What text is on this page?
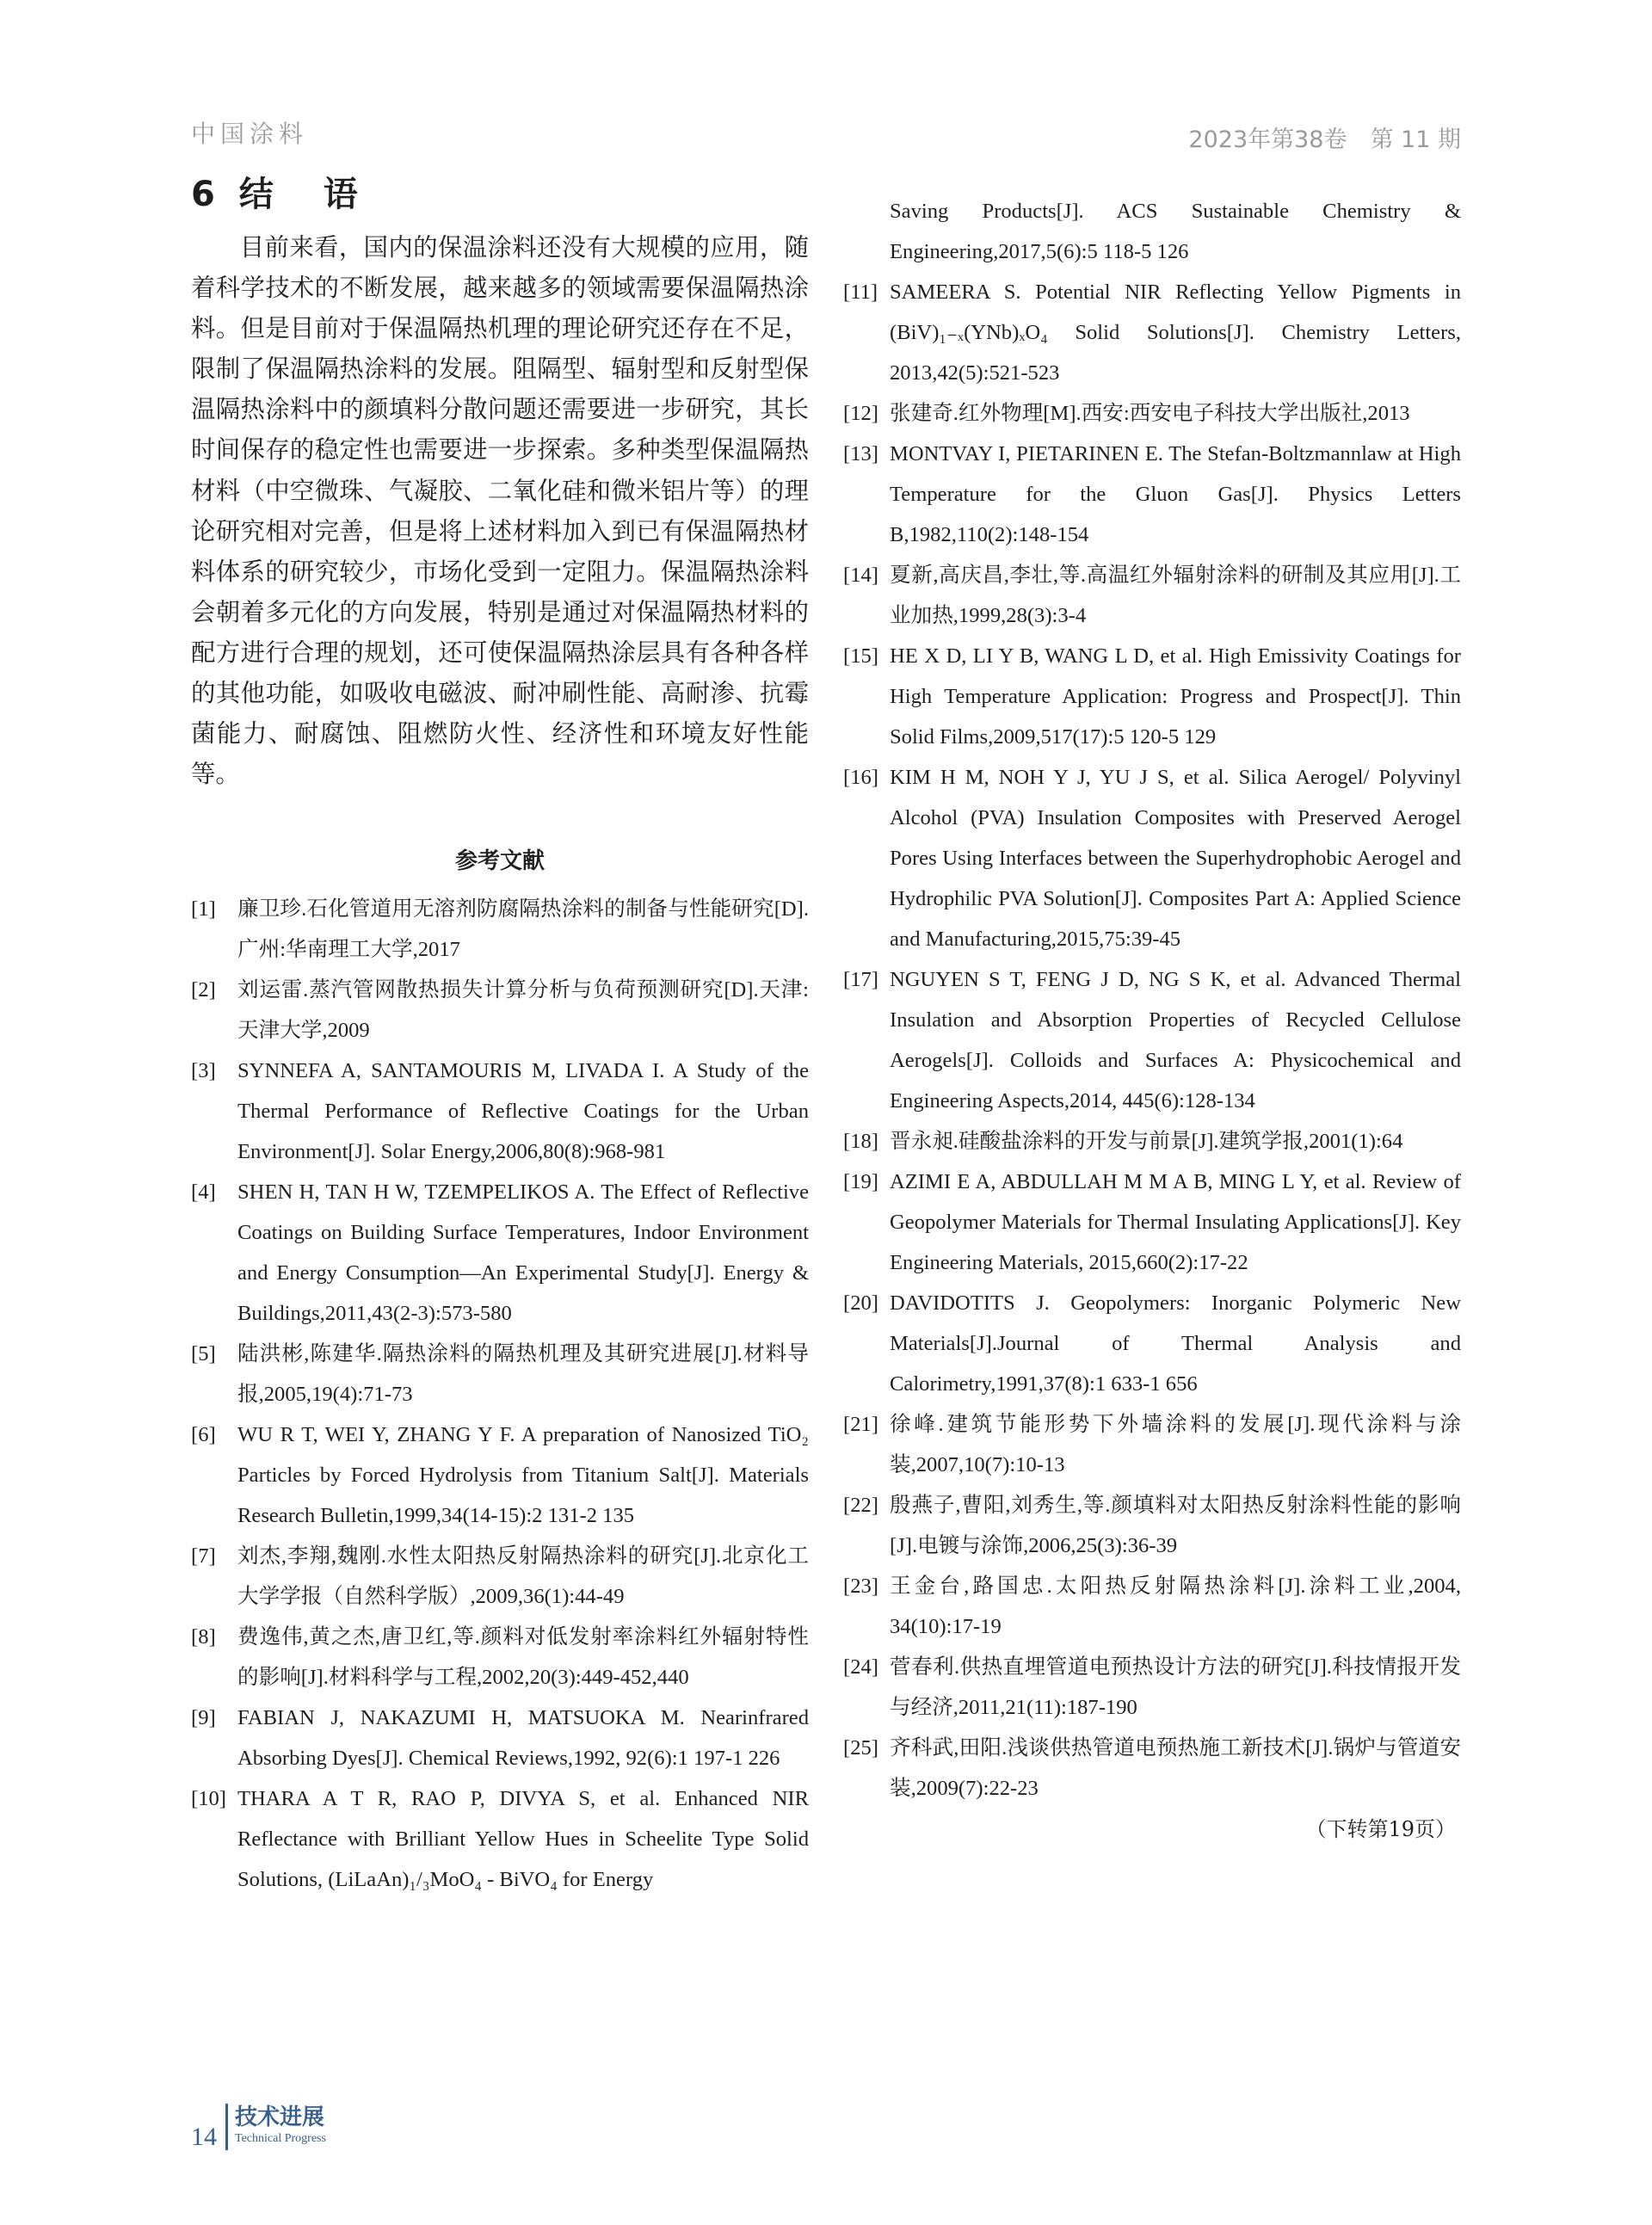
中国涂料	2023年第38卷　第 11 期
6 结 语

目前来看，国内的保温涂料还没有大规模的应用，随着科学技术的不断发展，越来越多的领域需要保温隔热涂料。但是目前对于保温隔热机理的理论研究还存在不足，限制了保温隔热涂料的发展。阻隔型、辐射型和反射型保温隔热涂料中的颜填料分散问题还需要进一步研究，其长时间保存的稳定性也需要进一步探索。多种类型保温隔热材料（中空微珠、气凝胶、二氧化硅和微米铝片等）的理论研究相对完善，但是将上述材料加入到已有保温隔热材料体系的研究较少，市场化受到一定阻力。保温隔热涂料会朝着多元化的方向发展，特别是通过对保温隔热材料的配方进行合理的规划，还可使保温隔热涂层具有各种各样的其他功能，如吸收电磁波、耐冲刷性能、高耐渗、抗霉菌能力、耐腐蚀、阻燃防火性、经济性和环境友好性能等。

参考文献
[1] 廉卫珍.石化管道用无溶剂防腐隔热涂料的制备与性能研究[D].广州:华南理工大学,2017
[2] 刘运雷.蒸汽管网散热损失计算分析与负荷预测研究[D].天津:天津大学,2009
[3] SYNNEFA A, SANTAMOURIS M, LIVADA I. A Study of the Thermal Performance of Reflective Coatings for the Urban Environment[J]. Solar Energy,2006,80(8):968-981
[4] SHEN H, TAN H W, TZEMPELIKOS A. The Effect of Reflective Coatings on Building Surface Temperatures, Indoor Environment and Energy Consumption—An Experimental Study[J]. Energy & Buildings,2011,43(2-3):573-580
[5] 陆洪彬,陈建华.隔热涂料的隔热机理及其研究进展[J].材料导报,2005,19(4):71-73
[6] WU R T, WEI Y, ZHANG Y F. A preparation of Nanosized TiO₂ Particles by Forced Hydrolysis from Titanium Salt[J]. Materials Research Bulletin,1999,34(14-15):2 131-2 135
[7] 刘杰,李翔,魏刚.水性太阳热反射隔热涂料的研究[J].北京化工大学学报（自然科学版）,2009,36(1):44-49
[8] 费逸伟,黄之杰,唐卫红,等.颜料对低发射率涂料红外辐射特性的影响[J].材料科学与工程,2002,20(3):449-452,440
[9] FABIAN J, NAKAZUMI H, MATSUOKA M. Nearinfrared Absorbing Dyes[J]. Chemical Reviews,1992, 92(6):1 197-1 226
[10] THARA A T R, RAO P, DIVYA S, et al. Enhanced NIR Reflectance with Brilliant Yellow Hues in Scheelite Type Solid Solutions, (LiLaAn)₁/₃MoO₄ - BiVO₄ for Energy
Saving Products[J]. ACS Sustainable Chemistry & Engineering,2017,5(6):5 118-5 126
[11] SAMEERA S. Potential NIR Reflecting Yellow Pigments in (BiV)₁₋ₓ(YNb)ₓO₄ Solid Solutions[J]. Chemistry Letters, 2013,42(5):521-523
[12] 张建奇.红外物理[M].西安:西安电子科技大学出版社,2013
[13] MONTVAY I, PIETARINEN E. The Stefan-Boltzmannlaw at High Temperature for the Gluon Gas[J]. Physics Letters B,1982,110(2):148-154
[14] 夏新,高庆昌,李壮,等.高温红外辐射涂料的研制及其应用[J].工业加热,1999,28(3):3-4
[15] HE X D, LI Y B, WANG L D, et al. High Emissivity Coatings for High Temperature Application: Progress and Prospect[J]. Thin Solid Films,2009,517(17):5 120-5 129
[16] KIM H M, NOH Y J, YU J S, et al. Silica Aerogel/ Polyvinyl Alcohol (PVA) Insulation Composites with Preserved Aerogel Pores Using Interfaces between the Superhydrophobic Aerogel and Hydrophilic PVA Solution[J]. Composites Part A: Applied Science and Manufacturing,2015,75:39-45
[17] NGUYEN S T, FENG J D, NG S K, et al. Advanced Thermal Insulation and Absorption Properties of Recycled Cellulose Aerogels[J]. Colloids and Surfaces A: Physicochemical and Engineering Aspects,2014, 445(6):128-134
[18] 晋永昶.硅酸盐涂料的开发与前景[J].建筑学报,2001(1):64
[19] AZIMI E A, ABDULLAH M M A B, MING L Y, et al. Review of Geopolymer Materials for Thermal Insulating Applications[J]. Key Engineering Materials, 2015,660(2):17-22
[20] DAVIDOTITS J. Geopolymers: Inorganic Polymeric New Materials[J].Journal of Thermal Analysis and Calorimetry,1991,37(8):1 633-1 656
[21] 徐峰.建筑节能形势下外墙涂料的发展[J].现代涂料与涂装,2007,10(7):10-13
[22] 殷燕子,曹阳,刘秀生,等.颜填料对太阳热反射涂料性能的影响[J].电镀与涂饰,2006,25(3):36-39
[23] 王金台,路国忠.太阳热反射隔热涂料[J].涂料工业,2004, 34(10):17-19
[24] 菅春利.供热直埋管道电预热设计方法的研究[J].科技情报开发与经济,2011,21(11):187-190
[25] 齐科武,田阳.浅谈供热管道电预热施工新技术[J].锅炉与管道安装,2009(7):22-23
（下转第19页）
14
技术进展
Technical Progress
